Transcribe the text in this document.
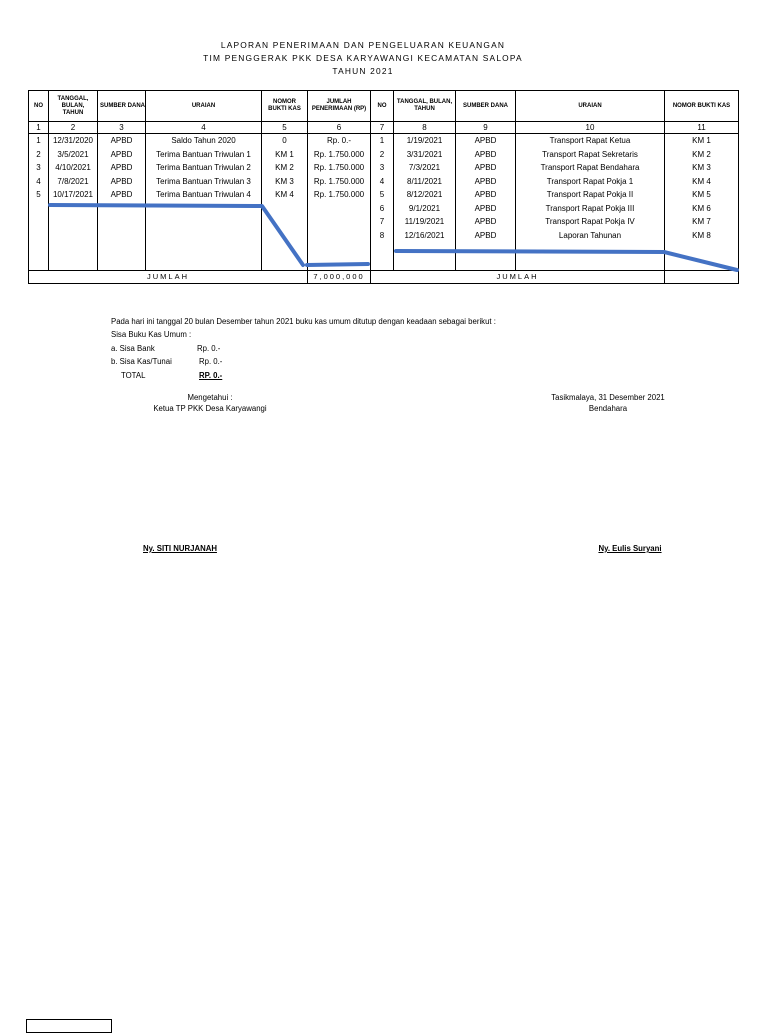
LAPORAN PENERIMAAN DAN PENGELUARAN KEUANGAN
TIM PENGGERAK PKK DESA KARYAWANGI KECAMATAN SALOPA
TAHUN 2021
NO	TANGGAL, BULAN, TAHUN	SUMBER DANA	URAIAN	NOMOR BUKTI KAS	JUMLAH PENERIMAAN (RP)	NO	TANGGAL, BULAN, TAHUN	SUMBER DANA	URAIAN	NOMOR BUKTI KAS
1	2	3	4	5	6	7	8	9	10	11
1	12/31/2020	APBD	Saldo Tahun 2020	0	Rp. 0.-	1	1/19/2021	APBD	Transport Rapat Ketua	KM 1
2	3/5/2021	APBD	Terima Bantuan Triwulan 1	KM 1	Rp. 1.750.000	2	3/31/2021	APBD	Transport Rapat Sekretaris	KM 2
3	4/10/2021	APBD	Terima Bantuan Triwulan 2	KM 2	Rp. 1.750.000	3	7/3/2021	APBD	Transport Rapat Bendahara	KM 3
4	7/8/2021	APBD	Terima Bantuan Triwulan 3	KM 3	Rp. 1.750.000	4	8/11/2021	APBD	Transport Rapat Pokja 1	KM 4
5	10/17/2021	APBD	Terima Bantuan Triwulan 4	KM 4	Rp. 1.750.000	5	8/12/2021	APBD	Transport Rapat Pokja II	KM 5
						6	9/1/2021	APBD	Transport Rapat Pokja III	KM 6
						7	11/19/2021	APBD	Transport Rapat Pokja IV	KM 7
						8	12/16/2021	APBD	Laporan Tahunan	KM 8

JUMLAH					7,000,000	JUMLAH				
Pada hari ini tanggal 20 bulan Desember tahun 2021 buku kas umum ditutup dengan keadaan sebagai berikut :
Sisa Buku Kas Umum :
a. Sisa Bank	Rp. 0.-
b. Sisa Kas/Tunai	Rp. 0.-
TOTAL	RP. 0.-
Mengetahui :
Ketua TP PKK Desa Karyawangi
Ny. SITI NURJANAH
Tasikmalaya, 31 Desember 2021
Bendahara
Ny. Eulis Suryani
